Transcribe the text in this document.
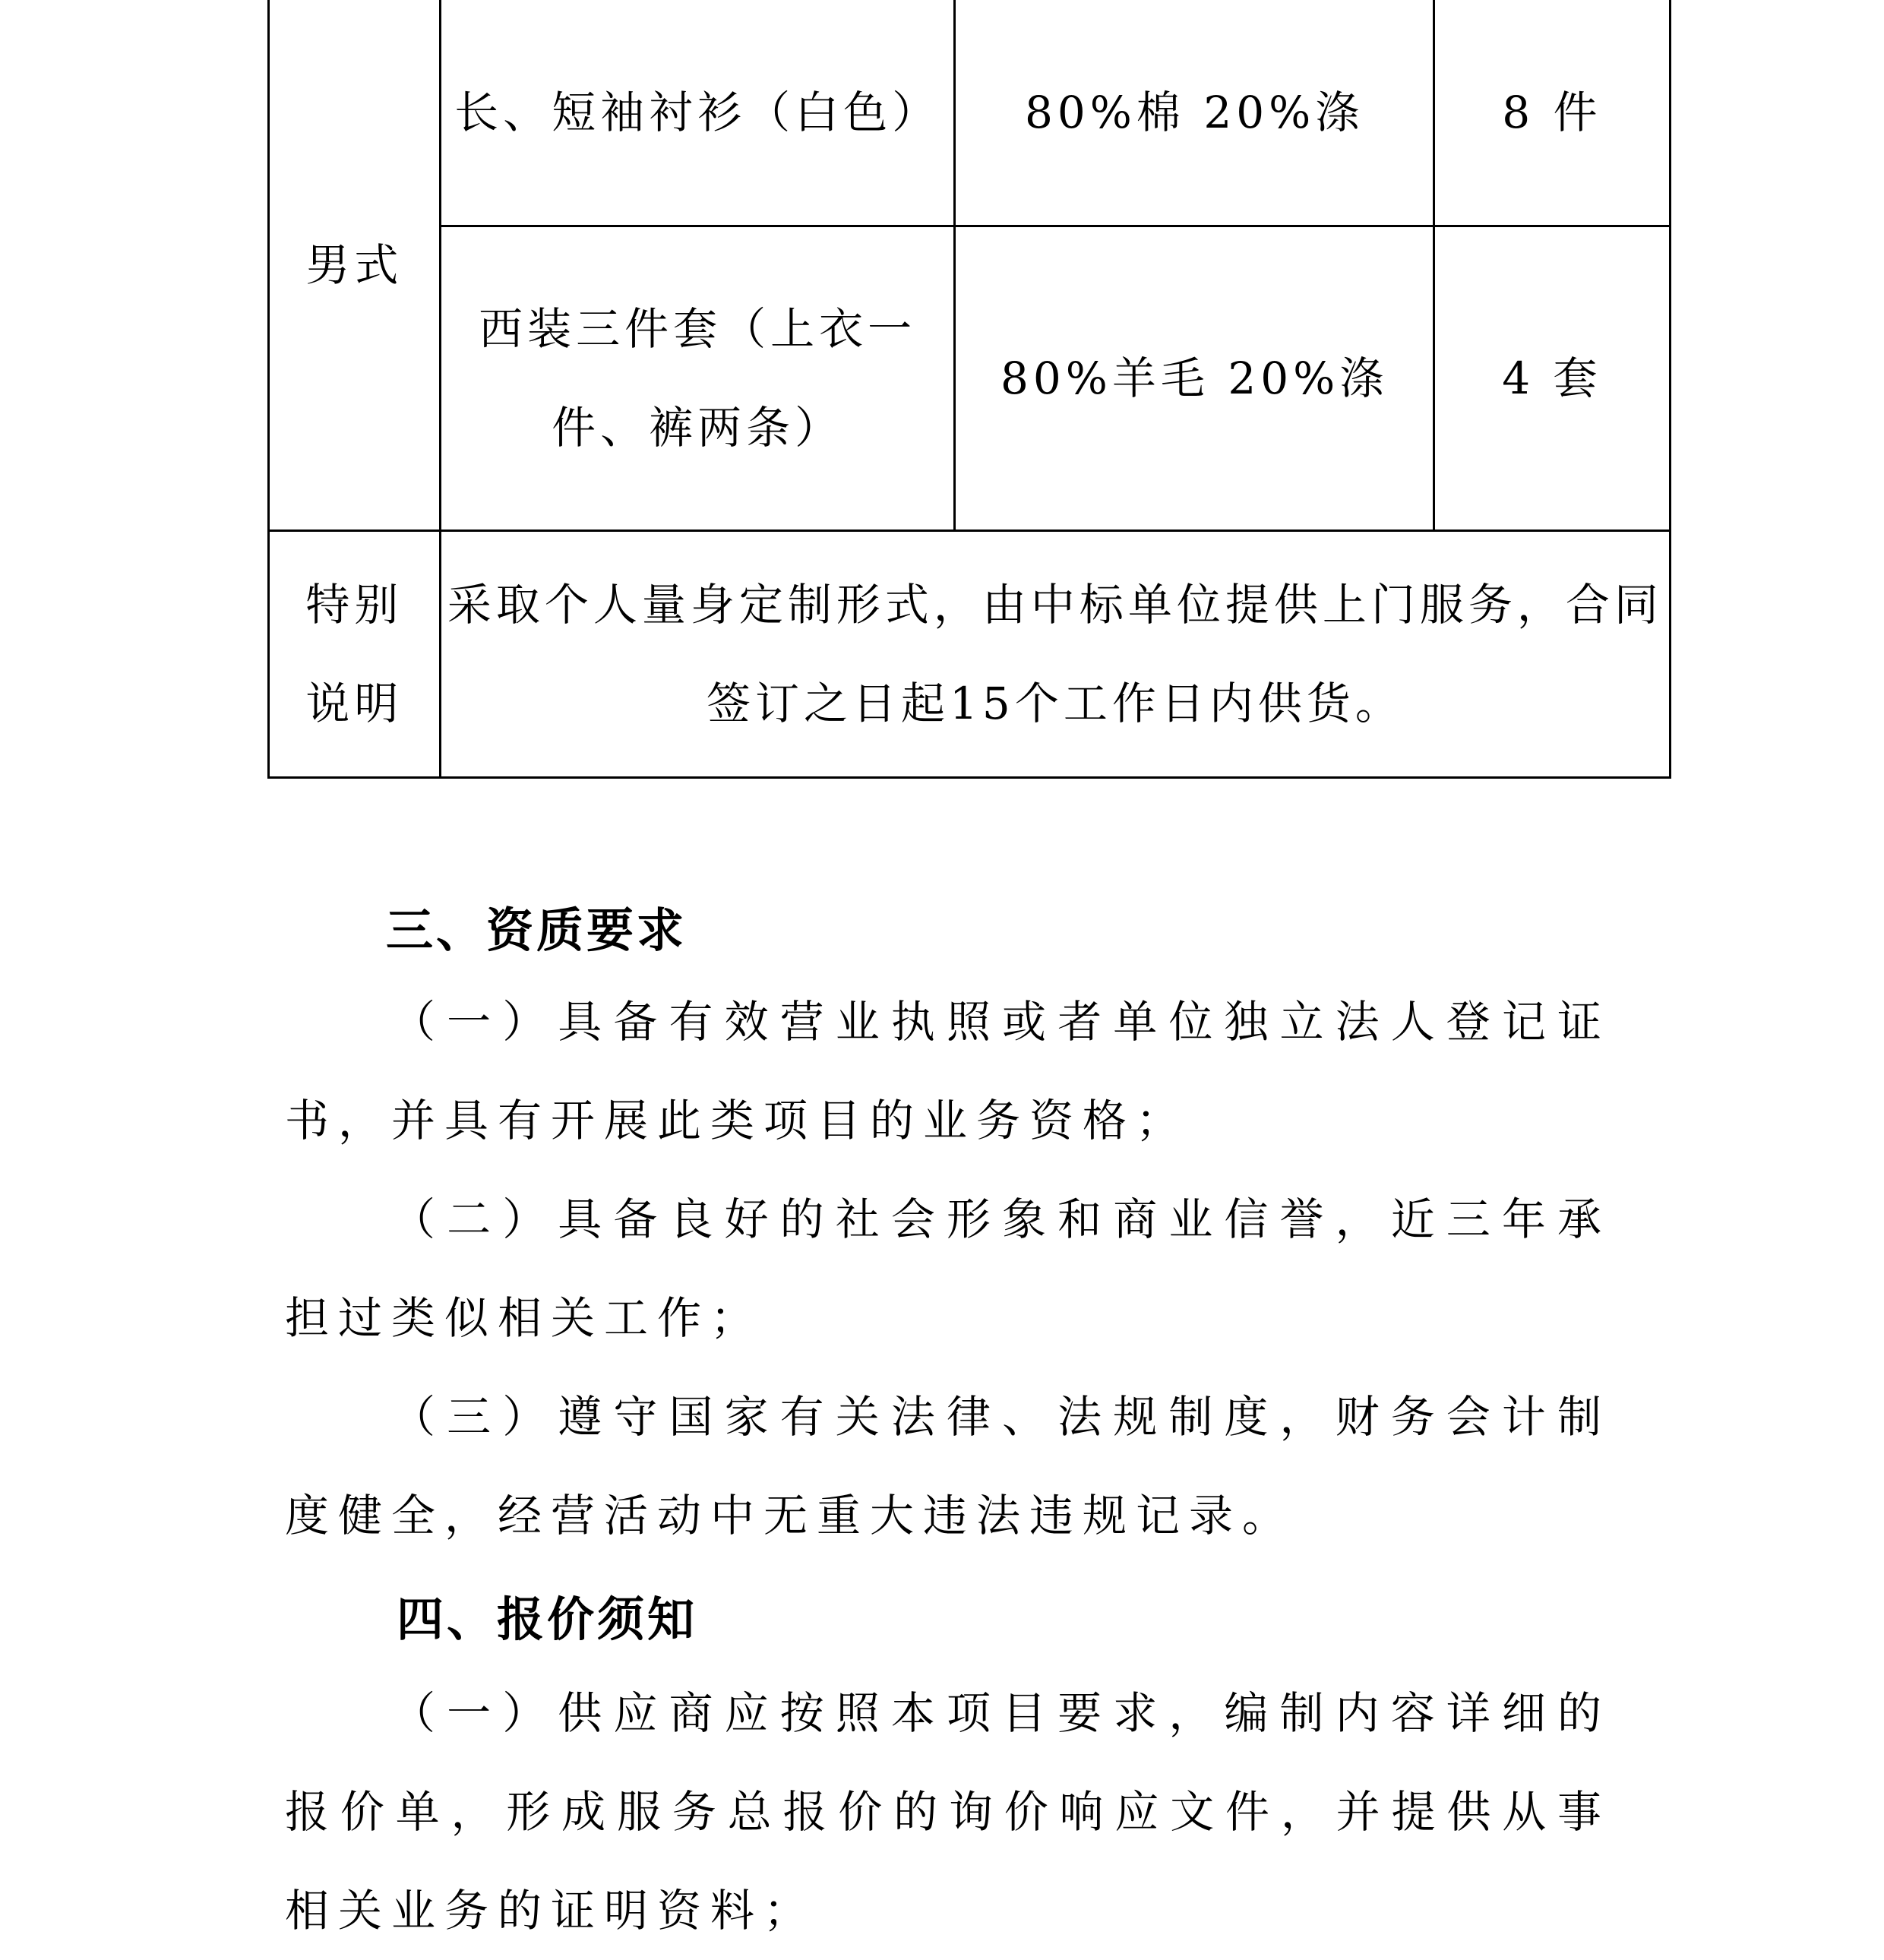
男式	长、短袖衬衫（白色）	80%棉 20%涤	8 件

	西装三件套（上衣一
件、裤两条）	80%羊毛 20%涤	4 套

特别
说明	采取个人量身定制形式，由中标单位提供上门服务，合同签订之日起15个工作日内供货。		
三、资质要求
（一）具备有效营业执照或者单位独立法人登记证书，并具有开展此类项目的业务资格；
（二）具备良好的社会形象和商业信誉，近三年承担过类似相关工作；
（三）遵守国家有关法律、法规制度，财务会计制度健全，经营活动中无重大违法违规记录。
四、报价须知
（一）供应商应按照本项目要求，编制内容详细的报价单，形成服务总报价的询价响应文件，并提供从事相关业务的证明资料；
